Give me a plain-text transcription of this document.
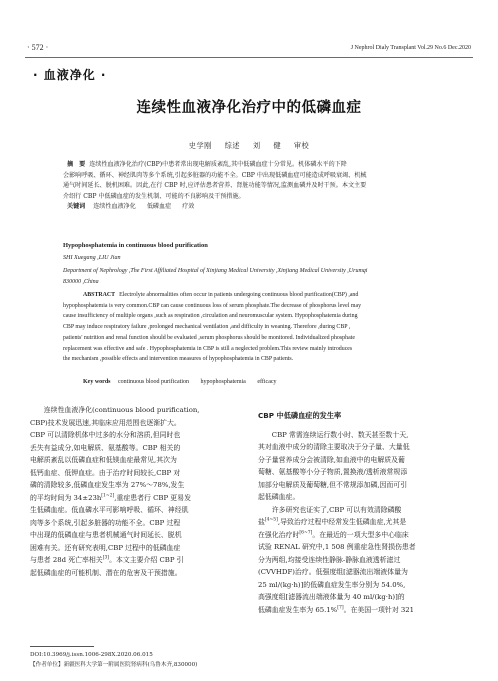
· 572 ·	J Nephrol Dialy Transplant Vol.29 No.6 Dec.2020
· 血液净化 ·
连续性血液净化治疗中的低磷血症
史学刚 综述 刘 健 审校
摘　要 连续性血液净化治疗(CBP)中患者常出现电解质紊乱,其中低磷血症十分常见。机体磷水平的下降
会影响呼吸、循环、神经肌肉等多个系统,引起多脏器的功能不全。CBP 中出现低磷血症可能造成呼吸衰竭、机械
通气时间延长、脱机困难。因此,在行 CBP 时,应评估患者营养、肾脏功能等情况,监测血磷并及时干预。本文主要
介绍行 CBP 中低磷血症的发生机制、可能的不良影响及干预措施。
关键词 连续性血液净化 低磷血症 疗效
Hypophosphatemia in continuous blood purification
SHI Xuegang ,LIU Jian
Department of Nephrology ,The First Affiliated Hospital of Xinjiang Medical University ,Xinjiang Medical University ,Urumqi
830000 ,China
ABSTRACT Electrolyte abnormalities often occur in patients undergoing continuous blood purification(CBP) ,and
hypophosphatemia is very common.CBP can cause continuous loss of serum phosphate.The decrease of phosphorus level may
cause insufficiency of multiple organs ,such as respiration ,circulation and neuromuscular system. Hypophosphatemia during
CBP may induce respiratory failure ,prolonged mechanical ventilation ,and difficulty in weaning. Therefore ,during CBP ,
patients' nutrition and renal function should be evaluated ,serum phosphorus should be monitored. Individualized phosphate
replacement was effective and safe . Hypophosphatemia in CBP is still a neglected problem.This review mainly introduces
the mechanism ,possible effects and intervention measures of hypophosphatemia in CBP patients.
Key words continuous blood purification hypophosphatemia efficacy
连续性血液净化(continuous blood purification,
CBP)技术发展迅速,其临床应用范围也逐渐扩大。
CBP 可以清除机体中过多的水分和溶质,但同时也
丢失有益成分,如电解质、氨基酸等。CBP 相关的
电解质紊乱以低磷血症和低镁血症最常见,其次为
低钙血症、低钾血症。由于治疗时间较长,CBP 对
磷的清除较多,低磷血症发生率为 27%～78%,发生
的平均时间为 34±23h[1~2],重症患者行 CBP 更易发
生低磷血症。低血磷水平可影响呼吸、循环、神经肌
肉等多个系统,引起多脏器的功能不全。CBP 过程
中出现的低磷血症与患者机械通气时间延长、脱机
困难有关。还有研究表明,CBP 过程中的低磷血症
与患者 28d 死亡率相关[3]。本文主要介绍 CBP 引
起低磷血症的可能机制、潜在的危害及干预措施。
DOI:10.3969/j.issn.1006-298X.2020.06.015
【作者单位】新疆医科大学第一附属医院肾病科(乌鲁木齐,830000)
CBP 中低磷血症的发生率
CBP 常需连续运行数小时、数天甚至数十天,
其对血液中成分的清除主要取决于分子量、大量低
分子量营养成分会被清除,如血液中的电解质及葡
萄糖、氨基酸等小分子物质,置换液/透析液常规添
加部分电解质及葡萄糖,但不常规添加磷,因而可引
起低磷血症。
许多研究也证实了,CBP 可以有效清除磷酸
盐[4~5],导致治疗过程中经常发生低磷血症,尤其是
在强化治疗时[6~7]。在最近的一项大型多中心临床
试验 RENAL 研究中,1 508 例重症急性肾损伤患者
分为两组,均接受连续性静脉-静脉血液透析滤过
(CVVHDF)治疗。低强度组[滤器流出端液体量为
25 ml/(kg·h)]的低磷血症发生率分别为 54.0%,
高强度组[滤器流出端液体量为 40 ml/(kg·h)]的
低磷血症发生率为 65.1%[7]。在美国一项针对 321
